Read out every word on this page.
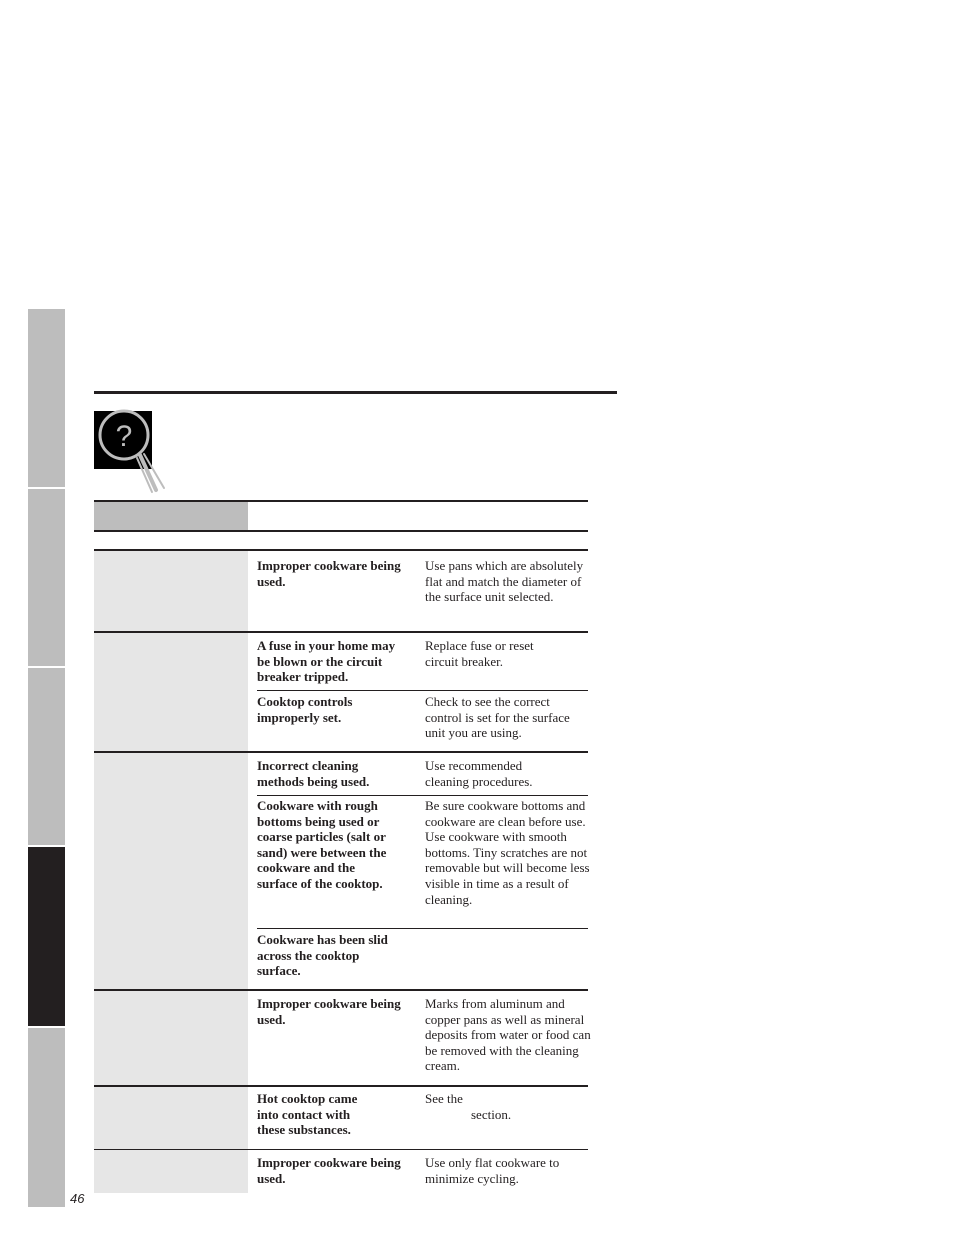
46
?
Improper cookware being used.
Use pans which are absolutely flat and match the diameter of the surface unit selected.
A fuse in your home may be blown or the circuit breaker tripped.
Replace fuse or reset circuit breaker.
Cooktop controls improperly set.
Check to see the correct control is set for the surface unit you are using.
Incorrect cleaning methods being used.
Use recommended cleaning procedures.
Cookware with rough bottoms being used or coarse particles (salt or sand) were between the cookware and the surface of the cooktop.
Be sure cookware bottoms and cookware are clean before use. Use cookware with smooth bottoms. Tiny scratches are not removable but will become less visible in time as a result of cleaning.
Cookware has been slid across the cooktop surface.
Improper cookware being used.
Marks from aluminum and copper pans as well as mineral deposits from water or food can be removed with the cleaning cream.
Hot cooktop came into contact with these substances.
See the
section.
Improper cookware being used.
Use only flat cookware to minimize cycling.
